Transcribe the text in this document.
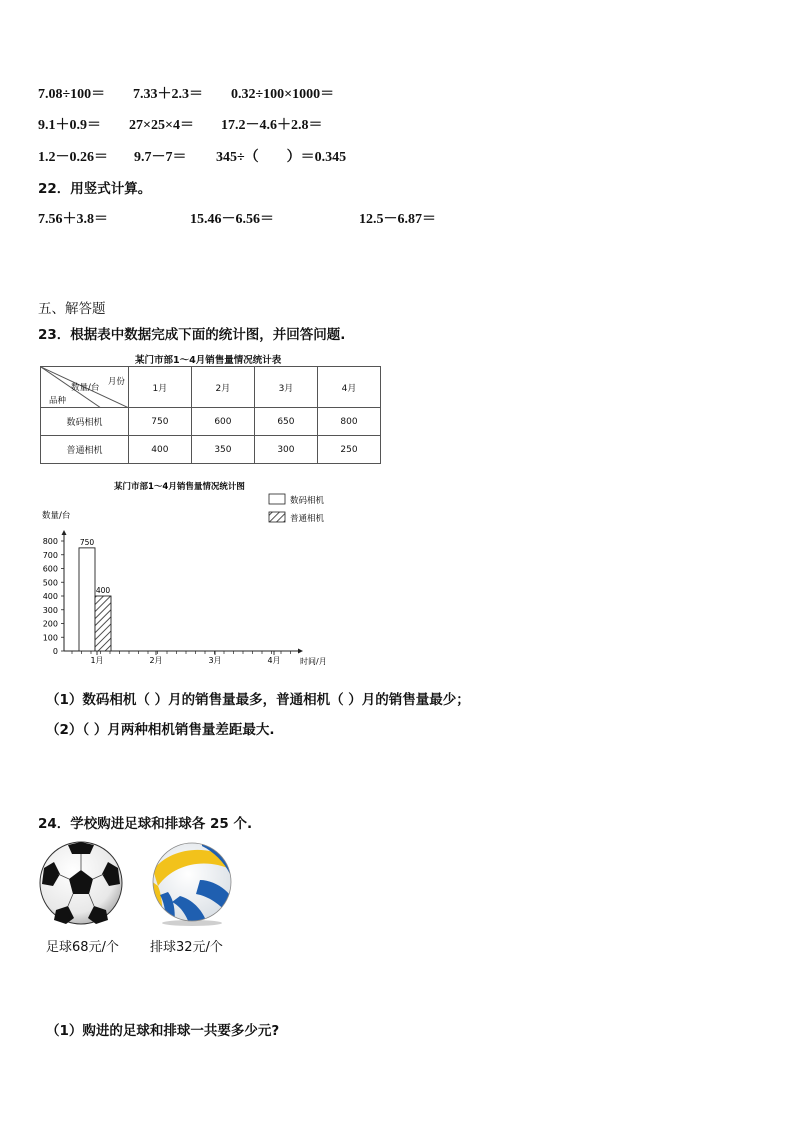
7.08÷100＝ 7.33＋2.3＝ 0.32÷100×1000＝
9.1＋0.9＝ 27×25×4＝ 17.2－4.6＋2.8＝
1.2－0.26＝ 9.7－7＝ 345÷（　　）＝0.345
22．用竖式计算。
7.56＋3.8＝	15.46－6.56＝	12.5－6.87＝
五、解答题
23．根据表中数据完成下面的统计图，并回答问题.
某门市部1～4月销售量情况统计表
月份
数量/台
品种	1月	2月	3月	4月
数码相机	750	600	650	800
普通相机	400	350	300	250
某门市部1～4月销售量情况统计图
数量/台
数码相机
普通相机
0
100
200
300
400
500
600
700
800
1月	2月	3月	4月
750
400
时间/月
（1）数码相机（ ）月的销售量最多，普通相机（ ）月的销售量最少；
（2）（ ）月两种相机销售量差距最大.
24．学校购进足球和排球各 25 个.
足球68元/个 排球32元/个
（1）购进的足球和排球一共要多少元?
